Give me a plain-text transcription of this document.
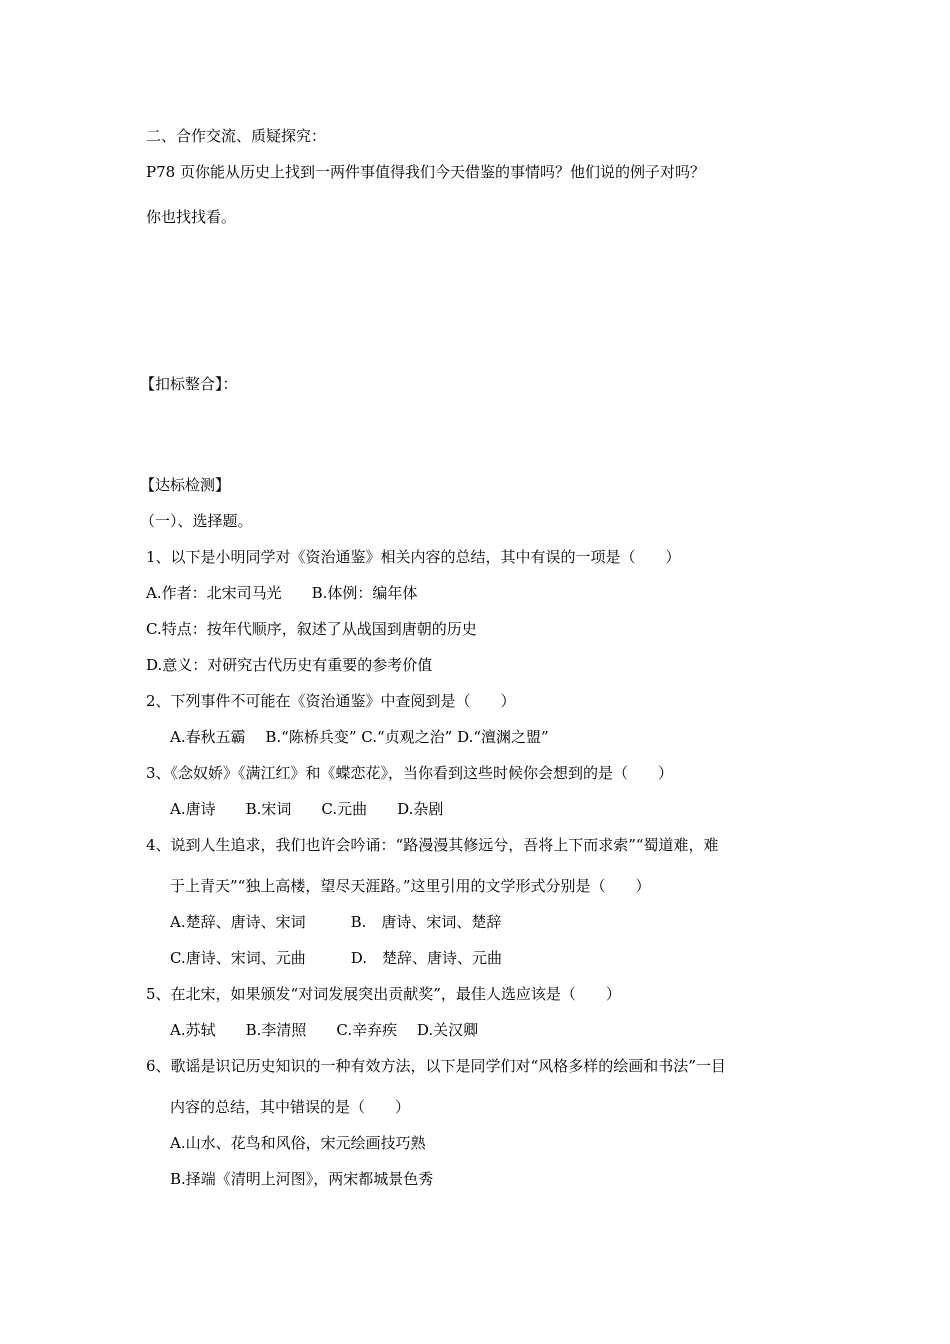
二、合作交流、质疑探究：
P78 页你能从历史上找到一两件事值得我们今天借鉴的事情吗？他们说的例子对吗？
你也找找看。
【扣标整合】：
【达标检测】
（一）、选择题。
1、以下是小明同学对《资治通鉴》相关内容的总结，其中有误的一项是（　　）
A.作者：北宋司马光　　B.体例：编年体
C.特点：按年代顺序，叙述了从战国到唐朝的历史
D.意义：对研究古代历史有重要的参考价值
2、下列事件不可能在《资治通鉴》中查阅到是（　　）
A.春秋五霸　 B.“陈桥兵变” C.“贞观之治” D.“澶渊之盟”
3、《念奴娇》《满江红》和《蝶恋花》，当你看到这些时候你会想到的是（　　）
A.唐诗　　B.宋词　　C.元曲　　D.杂剧
4、说到人生追求，我们也许会吟诵：“路漫漫其修远兮，吾将上下而求索”“蜀道难，难
于上青天”“独上高楼，望尽天涯路。”这里引用的文学形式分别是（　　）
A.楚辞、唐诗、宋词　　　B.　唐诗、宋词、楚辞
C.唐诗、宋词、元曲　　　D.　楚辞、唐诗、元曲
5、在北宋，如果颁发“对词发展突出贡献奖”，最佳人选应该是（　　）
A.苏轼　　B.李清照　　C.辛弃疾　 D.关汉卿
6、歌谣是识记历史知识的一种有效方法，以下是同学们对“风格多样的绘画和书法”一目
内容的总结，其中错误的是（　　）
A.山水、花鸟和风俗，宋元绘画技巧熟
B.择端《清明上河图》，两宋都城景色秀
